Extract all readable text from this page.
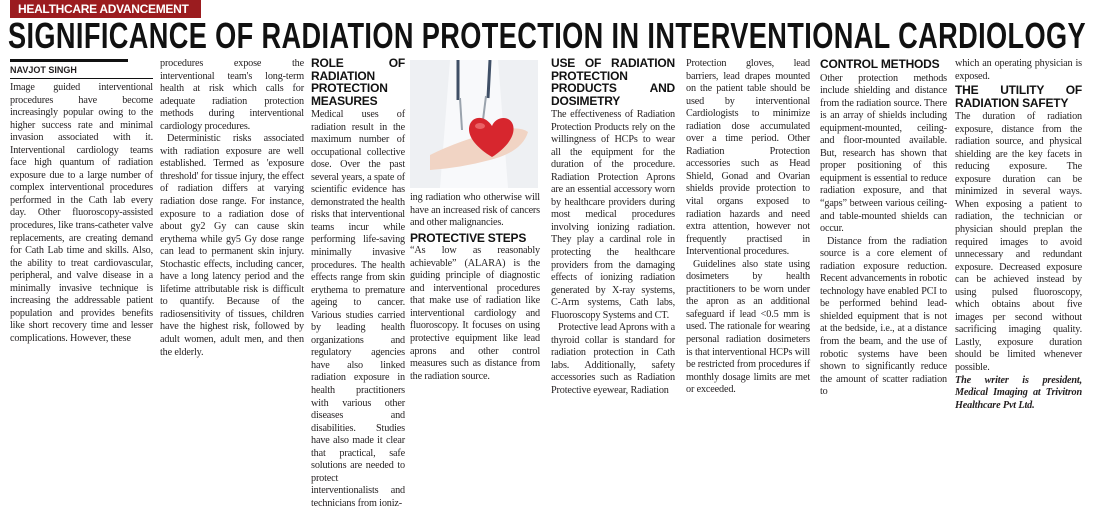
HEALTHCARE ADVANCEMENT
SIGNIFICANCE OF RADIATION PROTECTION IN INTERVENTIONAL CARDIOLOGY
NAVJOT SINGH

Image guided interventional procedures have become increasingly popular owing to the higher success rate and minimal invasion associated with it. Interventional cardiology teams face high quantum of radiation exposure due to a large number of complex interventional procedures performed in the Cath lab every day. Other fluoroscopy-assisted procedures, like trans-catheter valve replacements, are creating demand for Cath Lab time and skills. Also, the ability to treat cardiovascular, peripheral, and valve disease in a minimally invasive technique is increasing the addressable patient population and provides benefits like short recovery time and lesser complications. However, these

procedures expose the interventional team's long-term health at risk which calls for adequate radiation protection methods during interventional cardiology procedures.

Deterministic risks associated with radiation exposure are well established. Termed as 'exposure threshold' for tissue injury, the effect of radiation differs at varying radiation dose range. For instance, exposure to a radiation dose of about gy2 Gy can cause skin erythema while gy5 Gy dose range can lead to permanent skin injury. Stochastic effects, including cancer, have a long latency period and the lifetime attributable risk is difficult to quantify. Because of the radiosensitivity of tissues, children have the highest risk, followed by adult women, adult men, and then the elderly.

ROLE OF RADIATION PROTECTION MEASURES

Medical uses of radiation result in the maximum number of occupational collective dose. Over the past several years, a spate of scientific evidence has demonstrated the health risks that interventional teams incur while performing life-saving minimally invasive procedures. The health effects range from skin erythema to premature ageing to cancer. Various studies carried by leading health organizations and regulatory agencies have also linked radiation exposure in health practitioners with various other diseases and disabilities. Studies have also made it clear that practical, safe solutions are needed to protect interventionalists and technicians from ioniz-

ing radiation who otherwise will have an increased risk of cancers and other malignancies.

PROTECTIVE STEPS

“As low as reasonably achievable” (ALARA) is the guiding principle of diagnostic and interventional procedures that make use of radiation like interventional cardiology and fluoroscopy. It focuses on using protective equipment like lead aprons and other control measures such as distance from the radiation source.

USE OF RADIATION PROTECTION PRODUCTS AND DOSIMETRY

The effectiveness of Radiation Protection Products rely on the willingness of HCPs to wear all the equipment for the duration of the procedure. Radiation Protection Aprons are an essential accessory worn by healthcare providers during most medical procedures involving ionizing radiation. They play a cardinal role in protecting the healthcare providers from the damaging effects of ionizing radiation generated by X-ray systems, C-Arm systems, Cath labs, Fluoroscopy Systems and CT.

Protective lead Aprons with a thyroid collar is standard for radiation protection in Cath labs. Additionally, safety accessories such as Radiation Protective eyewear, Radiation

Protection gloves, lead barriers, lead drapes mounted on the patient table should be used by interventional Cardiologists to minimize radiation dose accumulated over a time period. Other Radiation Protection accessories such as Head Shield, Gonad and Ovarian shields provide protection to vital organs exposed to radiation hazards and need extra attention, however not frequently practised in Interventional procedures.

Guidelines also state using dosimeters by health practitioners to be worn under the apron as an additional safeguard if lead <0.5 mm is used. The rationale for wearing personal radiation dosimeters is that interventional HCPs will be restricted from procedures if monthly dosage limits are met or exceeded.

CONTROL METHODS

Other protection methods include shielding and distance from the radiation source. There is an array of shields including equipment-mounted, ceiling- and floor-mounted available. But, research has shown that proper positioning of this equipment is essential to reduce radiation exposure, and that “gaps” between various ceiling- and table-mounted shields can occur.

Distance from the radiation source is a core element of radiation exposure reduction. Recent advancements in robotic technology have enabled PCI to be performed behind lead-shielded equipment that is not at the bedside, i.e., at a distance from the beam, and the use of robotic systems have been shown to significantly reduce the amount of scatter radiation to

which an operating physician is exposed.

THE UTILITY OF RADIATION SAFETY

The duration of radiation exposure, distance from the radiation source, and physical shielding are the key facets in reducing exposure. The exposure duration can be minimized in several ways. When exposing a patient to radiation, the technician or physician should preplan the required images to avoid unnecessary and redundant exposure. Decreased exposure can be achieved instead by using pulsed fluoroscopy, which obtains about five images per second without sacrificing imaging quality. Lastly, exposure duration should be limited whenever possible.

The writer is president, Medical Imaging at Trivitron Healthcare Pvt Ltd.
